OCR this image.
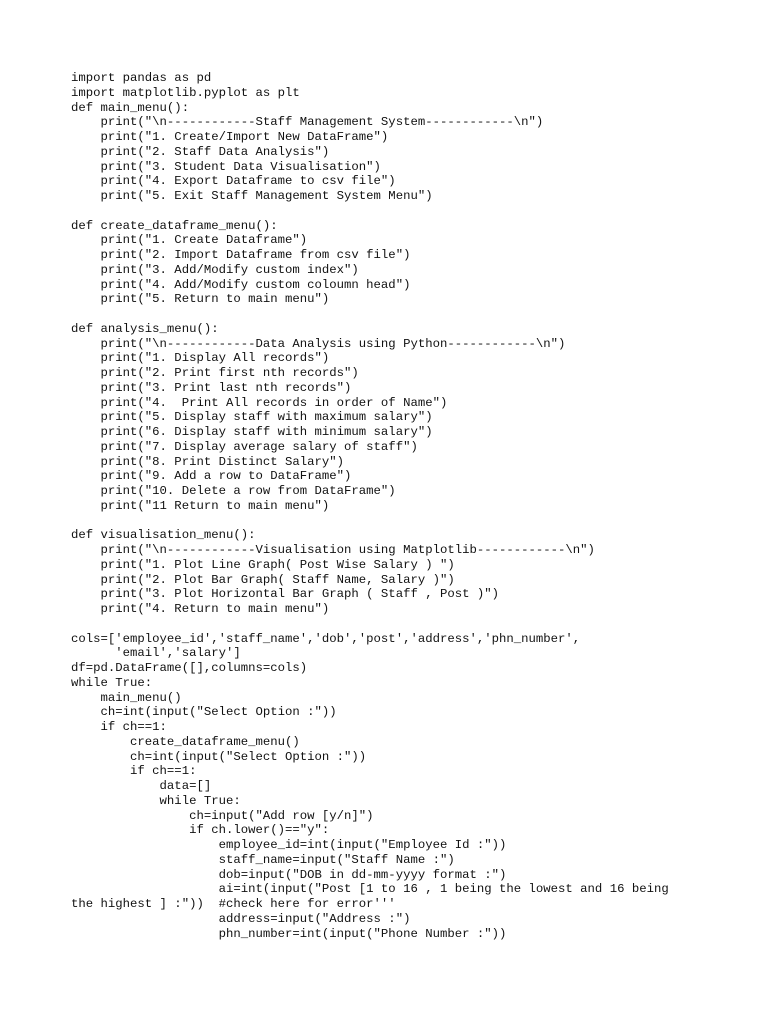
import pandas as pd
import matplotlib.pyplot as plt
def main_menu():
print("\n------------Staff Management System------------\n")
print("1. Create/Import New DataFrame")
print("2. Staff Data Analysis")
print("3. Student Data Visualisation")
print("4. Export Dataframe to csv file")
print("5. Exit Staff Management System Menu")
def create_dataframe_menu():
print("1. Create Dataframe")
print("2. Import Dataframe from csv file")
print("3. Add/Modify custom index")
print("4. Add/Modify custom coloumn head")
print("5. Return to main menu")
def analysis_menu():
print("\n------------Data Analysis using Python------------\n")
print("1. Display All records")
print("2. Print first nth records")
print("3. Print last nth records")
print("4.  Print All records in order of Name")
print("5. Display staff with maximum salary")
print("6. Display staff with minimum salary")
print("7. Display average salary of staff")
print("8. Print Distinct Salary")
print("9. Add a row to DataFrame")
print("10. Delete a row from DataFrame")
print("11 Return to main menu")
def visualisation_menu():
print("\n------------Visualisation using Matplotlib------------\n")
print("1. Plot Line Graph( Post Wise Salary ) ")
print("2. Plot Bar Graph( Staff Name, Salary )")
print("3. Plot Horizontal Bar Graph ( Staff , Post )")
print("4. Return to main menu")
cols=['employee_id','staff_name','dob','post','address','phn_number',
'email','salary']
df=pd.DataFrame([],columns=cols)
while True:
main_menu()
ch=int(input("Select Option :"))
if ch==1:
create_dataframe_menu()
ch=int(input("Select Option :"))
if ch==1:
data=[]
while True:
ch=input("Add row [y/n]")
if ch.lower()=="y":
employee_id=int(input("Employee Id :"))
staff_name=input("Staff Name :")
dob=input("DOB in dd-mm-yyyy format :")
ai=int(input("Post [1 to 16 , 1 being the lowest and 16 being
the highest ] :"))  #check here for error'''
address=input("Address :")
phn_number=int(input("Phone Number :"))
